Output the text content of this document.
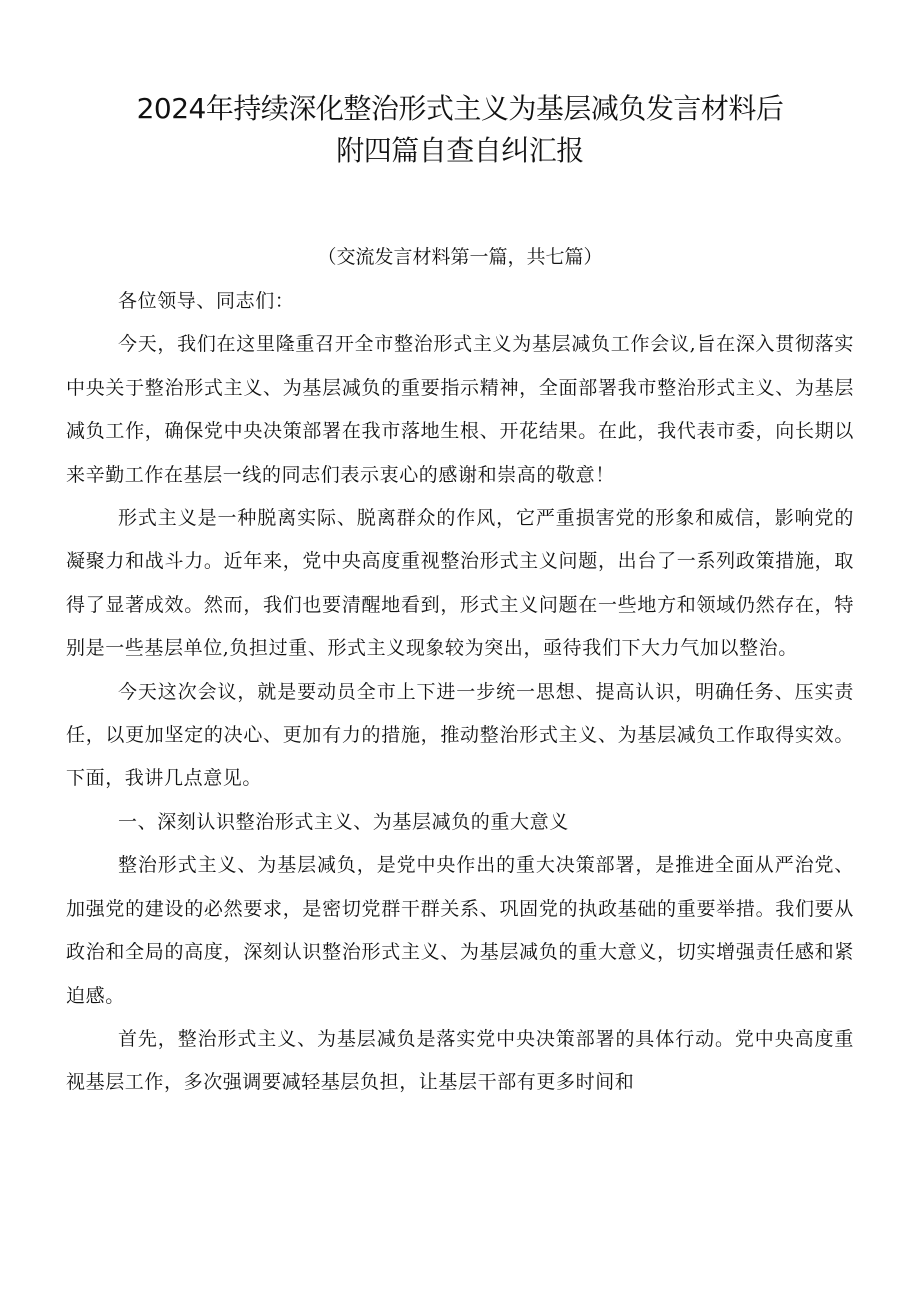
2024年持续深化整治形式主义为基层减负发言材料后
附四篇自查自纠汇报

（交流发言材料第一篇，共七篇）

各位领导、同志们：

今天，我们在这里隆重召开全市整治形式主义为基层减负工作会议,旨在深入贯彻落实中央关于整治形式主义、为基层减负的重要指示精神，全面部署我市整治形式主义、为基层减负工作，确保党中央决策部署在我市落地生根、开花结果。在此，我代表市委，向长期以来辛勤工作在基层一线的同志们表示衷心的感谢和崇高的敬意！

形式主义是一种脱离实际、脱离群众的作风，它严重损害党的形象和威信，影响党的凝聚力和战斗力。近年来，党中央高度重视整治形式主义问题，出台了一系列政策措施，取得了显著成效。然而，我们也要清醒地看到，形式主义问题在一些地方和领域仍然存在，特别是一些基层单位,负担过重、形式主义现象较为突出，亟待我们下大力气加以整治。

今天这次会议，就是要动员全市上下进一步统一思想、提高认识，明确任务、压实责任，以更加坚定的决心、更加有力的措施，推动整治形式主义、为基层减负工作取得实效。下面，我讲几点意见。

一、深刻认识整治形式主义、为基层减负的重大意义

整治形式主义、为基层减负，是党中央作出的重大决策部署，是推进全面从严治党、加强党的建设的必然要求，是密切党群干群关系、巩固党的执政基础的重要举措。我们要从政治和全局的高度，深刻认识整治形式主义、为基层减负的重大意义，切实增强责任感和紧迫感。

首先，整治形式主义、为基层减负是落实党中央决策部署的具体行动。党中央高度重视基层工作，多次强调要减轻基层负担，让基层干部有更多时间和
